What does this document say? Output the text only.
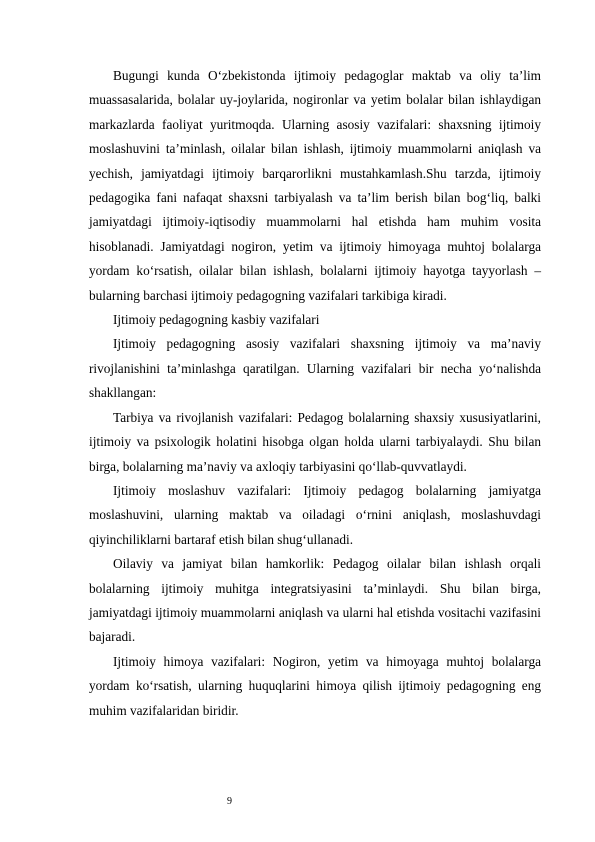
Bugungi kunda O‘zbekistonda ijtimoiy pedagoglar maktab va oliy ta’lim muassasalarida, bolalar uy-joylarida, nogironlar va yetim bolalar bilan ishlaydigan markazlarda faoliyat yuritmoqda. Ularning asosiy vazifalari: shaxsning ijtimoiy moslashuvini ta’minlash, oilalar bilan ishlash, ijtimoiy muammolarni aniqlash va yechish, jamiyatdagi ijtimoiy barqarorlikni mustahkamlash.Shu tarzda, ijtimoiy pedagogika fani nafaqat shaxsni tarbiyalash va ta’lim berish bilan bog‘liq, balki jamiyatdagi ijtimoiy-iqtisodiy muammolarni hal etishda ham muhim vosita hisoblanadi. Jamiyatdagi nogiron, yetim va ijtimoiy himoyaga muhtoj bolalarga yordam ko‘rsatish, oilalar bilan ishlash, bolalarni ijtimoiy hayotga tayyorlash – bularning barchasi ijtimoiy pedagogning vazifalari tarkibiga kiradi.

Ijtimoiy pedagogning kasbiy vazifalari

Ijtimoiy pedagogning asosiy vazifalari shaxsning ijtimoiy va ma’naviy rivojlanishini ta’minlashga qaratilgan. Ularning vazifalari bir necha yo‘nalishda shakllangan:

Tarbiya va rivojlanish vazifalari: Pedagog bolalarning shaxsiy xususiyatlarini, ijtimoiy va psixologik holatini hisobga olgan holda ularni tarbiyalaydi. Shu bilan birga, bolalarning ma’naviy va axloqiy tarbiyasini qo‘llab-quvvatlaydi.

Ijtimoiy moslashuv vazifalari: Ijtimoiy pedagog bolalarning jamiyatga moslashuvini, ularning maktab va oiladagi o‘rnini aniqlash, moslashuvdagi qiyinchiliklarni bartaraf etish bilan shug‘ullanadi.

Oilaviy va jamiyat bilan hamkorlik: Pedagog oilalar bilan ishlash orqali bolalarning ijtimoiy muhitga integratsiyasini ta’minlaydi. Shu bilan birga, jamiyatdagi ijtimoiy muammolarni aniqlash va ularni hal etishda vositachi vazifasini bajaradi.

Ijtimoiy himoya vazifalari: Nogiron, yetim va himoyaga muhtoj bolalarga yordam ko‘rsatish, ularning huquqlarini himoya qilish ijtimoiy pedagogning eng muhim vazifalaridan biridir.

9
